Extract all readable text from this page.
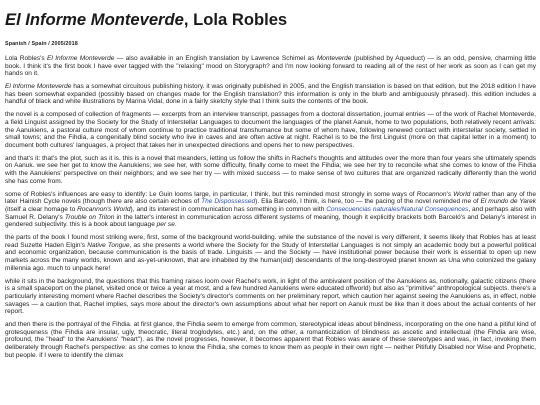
El Informe Monteverde, Lola Robles
Spanish / Spain / 2005/2018

Lola Robles's El Informe Monteverde — also available in an English translation by Lawrence Schimel as Monteverde (published by Aqueduct) — is an odd, pensive, charming little book. I think it's the first book I have ever tagged with the "relaxing" mood on Storygraph? and I'm now looking forward to reading all of the rest of her work as soon as I can get my hands on it.

El Informe Monteverde has a somewhat circuitous publishing history. it was originally published in 2005, and the English translation is based on that edition, but the 2018 edition I have has been somewhat expanded (possibly based on changes made for the English translation? this information is only in the blurb and ambiguously phrased). this edition includes a handful of black and white illustrations by Marina Vidal, done in a fairly sketchy style that I think suits the contents of the book.

the novel is a composed of collection of fragments — excerpts from an interview transcript, passages from a doctoral dissertation, journal entries — of the work of Rachel Monteverde, a field Linguist assigned by the Society for the Study of Interstellar Languages to document the languages of the planet Aanuk, home to two populations, both relatively recent arrivals: the Aanukiens, a pastoral culture most of whom continue to practice traditional transhumance but some of whom have, following renewed contact with interstellar society, settled in small towns; and the Fihdia, a congenitally blind society who live in caves and are often active at night. Rachel is to be the first Linguist (more on that capital letter in a moment) to document both cultures' languages, a project that takes her in unexpected directions and opens her to new perspectives.

and that's it: that's the plot, such as it is. this is a novel that meanders, letting us follow the shifts in Rachel's thoughts and attitudes over the more than four years she ultimately spends on Aanuk. we see her get to know the Aanukiens; we see her, with some difficulty, finally come to meet the Fihdia; we see her try to reconcile what she comes to know of the Fihdia with the Aanukiens' perspective on their neighbors; and we see her try — with mixed success — to make sense of two cultures that are organized radically differently than the world she has come from.

some of Robles's influences are easy to identify: Le Guin looms large, in particular, I think, but this reminded most strongly in some ways of Rocannon's World rather than any of the later Hainish Cycle novels (though there are also certain echoes of The Dispossessed). Elia Barceló, I think, is here, too — the pacing of the novel reminded me of El mundo de Yarek (itself a clear homage to Rocannon's World), and its interest in communication has something in common with Consecuencias naturales/Natural Consequences, and perhaps also with Samuel R. Delany's Trouble on Triton in the latter's interest in communication across different systems of meaning, though it explicitly brackets both Barceló's and Delany's interest in gendered subjectivity. this is a book about language per se.

the parts of the book I found most striking were, first, some of the background world-building. while the substance of the novel is very different, it seems likely that Robles has at least read Suzette Haden Elgin's Native Tongue, as she presents a world where the Society for the Study of Interstellar Languages is not simply an academic body but a powerful political and economic organization, because communication is the basis of trade. Linguists — and the Society — have institutional power because their work is essential to open up new markets across the many worlds, known and as-yet-unknown, that are inhabited by the human(oid) descendants of the long-destroyed planet known as Una who colonized the galaxy millennia ago. much to unpack here!

while it sits in the background, the questions that this framing raises loom over Rachel's work, in light of the ambivalent position of the Aanukiens as, notionally, galactic citizens (there is a small spaceport on the planet, visited once or twice a year at most, and a few hundred Aanukiens were educated offworld) but also as "primitive" anthropological subjects. there's a particularly interesting moment where Rachel describes the Society's director's comments on her preliminary report, which caution her against seeing the Aanukiens as, in effect, noble savages — a caution that, Rachel implies, says more about the director's own assumptions about what her report on Aanuk must be like than it does about the actual contents of her report.

and then there is the portrayal of the Fihdia. at first glance, the Fihdia seem to emerge from common, stereotypical ideas about blindness, incorporating on the one hand a pitiful kind of grotesqueness (the Fihdia are insular, ugly, theocratic, literal troglodytes, etc.) and, on the other, a romanticization of blindness as ascetic and intellectual (the Fihdia are wise, profound, the "head" to the Aanukiens' "heart"). as the novel progresses, however, it becomes apparent that Robles was aware of these stereotypes and was, in fact, invoking them deliberately through Rachel's perspective: as she comes to know the Fihdia, she comes to know them as people in their own right — neither Pitifully Disabled nor Wise and Prophetic, but people. if I were to identify the climax
